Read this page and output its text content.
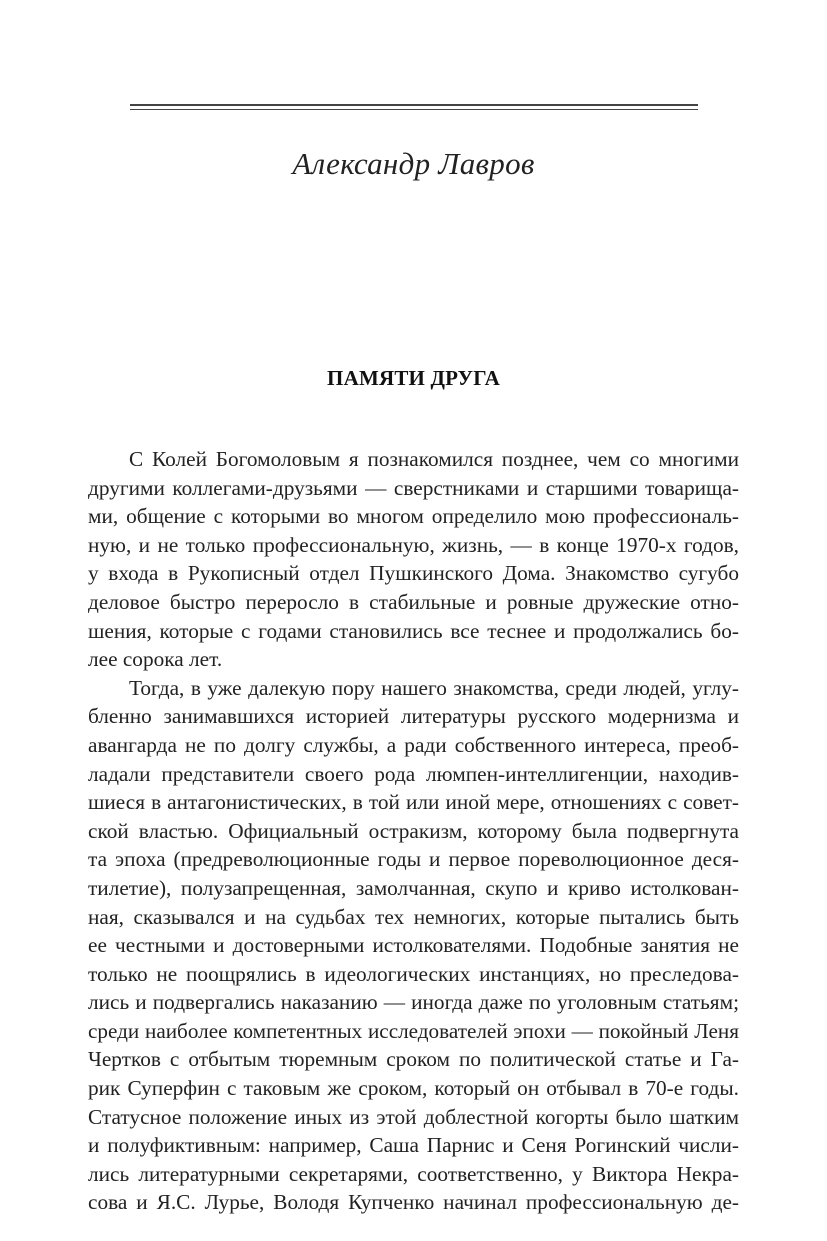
Александр Лавров
ПАМЯТИ ДРУГА
С Колей Богомоловым я познакомился позднее, чем со многими
другими коллегами-друзьями — сверстниками и старшими товарища-
ми, общение с которыми во многом определило мою профессиональ-
ную, и не только профессиональную, жизнь, — в конце 1970-х годов,
у входа в Рукописный отдел Пушкинского Дома. Знакомство сугубо
деловое быстро переросло в стабильные и ровные дружеские отно-
шения, которые с годами становились все теснее и продолжались бо-
лее сорока лет.
Тогда, в уже далекую пору нашего знакомства, среди людей, углу-
бленно занимавшихся историей литературы русского модернизма и
авангарда не по долгу службы, а ради собственного интереса, преоб-
ладали представители своего рода люмпен-интеллигенции, находив-
шиеся в антагонистических, в той или иной мере, отношениях с совет-
ской властью. Официальный остракизм, которому была подвергнута
та эпоха (предреволюционные годы и первое пореволюционное деся-
тилетие), полузапрещенная, замолчанная, скупо и криво истолкован-
ная, сказывался и на судьбах тех немногих, которые пытались быть
ее честными и достоверными истолкователями. Подобные занятия не
только не поощрялись в идеологических инстанциях, но преследова-
лись и подвергались наказанию — иногда даже по уголовным статьям;
среди наиболее компетентных исследователей эпохи — покойный Леня
Чертков с отбытым тюремным сроком по политической статье и Га-
рик Суперфин с таковым же сроком, который он отбывал в 70-е годы.
Статусное положение иных из этой доблестной когорты было шатким
и полуфиктивным: например, Саша Парнис и Сеня Рогинский числи-
лись литературными секретарями, соответственно, у Виктора Некра-
сова и Я.С. Лурье, Володя Купченко начинал профессиональную де-
